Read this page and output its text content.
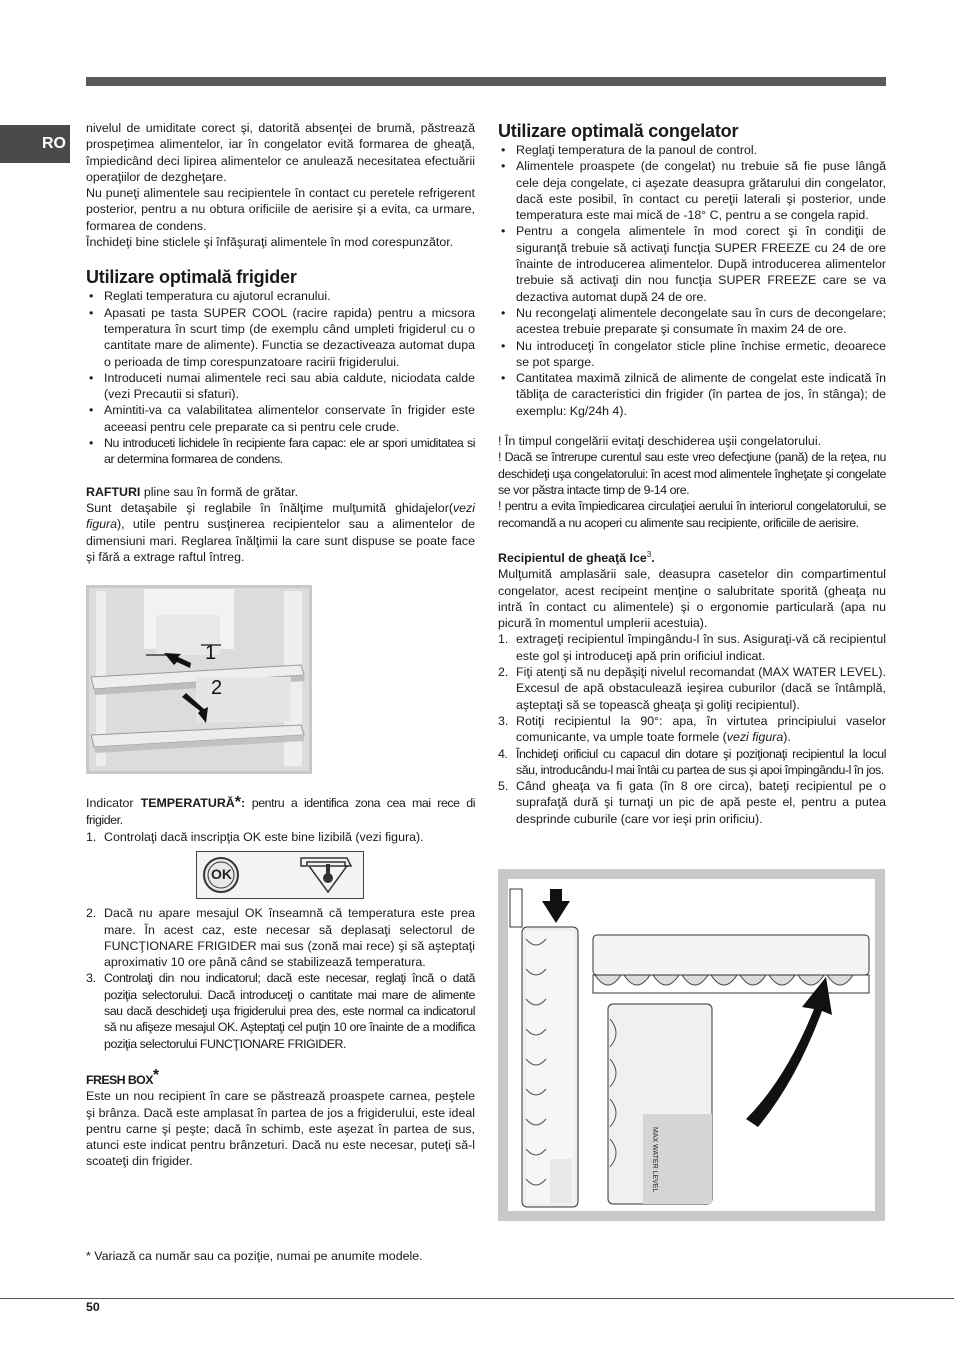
RO

nivelul de umiditate corect şi, datorită absenţei de brumă, păstrează prospeţimea alimentelor, iar în congelator evită formarea de gheaţă, împiedicând deci lipirea alimentelor ce anulează necesitatea efectuării operaţiilor de dezgheţare.

Nu puneţi alimentele sau recipientele în contact cu peretele refrigerent posterior, pentru a nu obtura orificiile de aerisire şi a evita, ca urmare, formarea de condens.

Închideţi bine sticlele şi înfăşuraţi alimentele în mod corespunzător.

Utilizare optimală frigider
• Reglati temperatura cu ajutorul ecranului.
• Apasati pe tasta SUPER COOL (racire rapida) pentru a micsora temperatura în scurt timp (de exemplu când umpleti frigiderul cu o cantitate mare de alimente). Functia se dezactiveaza automat dupa o perioada de timp corespunzatoare racirii frigiderului.
• Introduceti numai alimentele reci sau abia caldute, niciodata calde (vezi Precautii si sfaturi).
• Amintiti-va ca valabilitatea alimentelor conservate în frigider este aceeasi pentru cele preparate ca si pentru cele crude.
• Nu introduceti lichidele în recipiente fara capac: ele ar spori umiditatea si ar determina formarea de condens.

RAFTURI pline sau în formă de grătar.

Sunt detaşabile şi reglabile în înălţime mulţumită ghidajelor(vezi figura), utile pentru susţinerea recipientelor sau a alimentelor de dimensiuni mari. Reglarea înălţimii la care sunt dispuse se poate face şi fără a extrage raftul întreg.

1
2

Indicator TEMPERATURĂ*: pentru a identifica zona cea mai rece di frigider.

1. Controlaţi dacă inscripţia OK este bine lizibilă (vezi figura).
OK
2. Dacă nu apare mesajul OK înseamnă că temperatura este prea mare. În acest caz, este necesar să deplasaţi selectorul de FUNCŢIONARE FRIGIDER mai sus (zonă mai rece) şi să aşteptaţi aproximativ 10 ore până când se stabilizează temperatura.
3. Controlaţi din nou indicatorul; dacă este necesar, reglaţi încă o dată poziţia selectorului. Dacă introduceţi o cantitate mai mare de alimente sau dacă deschideţi uşa frigiderului prea des, este normal ca indicatorul să nu afişeze mesajul OK. Aşteptaţi cel puţin 10 ore înainte de a modifica poziţia selectorului FUNCŢIONARE FRIGIDER.

FRESH BOX*

Este un nou recipient în care se păstrează proaspete carnea, peştele şi brânza. Dacă este amplasat în partea de jos a frigiderului, este ideal pentru carne şi peşte; dacă în schimb, este aşezat în partea de sus, atunci este indicat pentru brânzeturi. Dacă nu este necesar, puteţi să-l scoateţi din frigider.

Utilizare optimală congelator
• Reglaţi temperatura de la panoul de control.
• Alimentele proaspete (de congelat) nu trebuie să fie puse lângă cele deja congelate, ci aşezate deasupra grătarului din congelator, dacă este posibil, în contact cu pereţii laterali şi posterior, unde temperatura este mai mică de -18° C, pentru a se congela rapid.
• Pentru a congela alimentele în mod corect şi în condiţii de siguranţă trebuie să activaţi funcţia SUPER FREEZE cu 24 de ore înainte de introducerea alimentelor. După introducerea alimentelor trebuie să activaţi din nou funcţia SUPER FREEZE care se va dezactiva automat după 24 de ore.
• Nu recongelaţi alimentele decongelate sau în curs de decongelare; acestea trebuie preparate şi consumate în maxim 24 de ore.
• Nu introduceţi în congelator sticle pline închise ermetic, deoarece se pot sparge.
• Cantitatea maximă zilnică de alimente de congelat este indicată în tăbliţa de caracteristici din frigider (în partea de jos, în stânga); de exemplu: Kg/24h 4).

! În timpul congelării evitaţi deschiderea uşii congelatorului.

! Dacă se întrerupe curentul sau este vreo defecţiune (pană) de la reţea, nu deschideţi uşa congelatorului: în acest mod alimentele îngheţate şi congelate se vor păstra intacte timp de 9-14 ore.

! pentru a evita împiedicarea circulaţiei aerului în interiorul congelatorului, se recomandă a nu acoperi cu alimente sau recipiente, orificiile de aerisire.

Recipientul de gheaţă Ice$^3$.

Mulţumită amplasării sale, deasupra casetelor din compartimentul congelator, acest recipeint menţine o salubritate sporită (gheaţa nu intră în contact cu alimentele) şi o ergonomie particulară (apa nu picură în momentul umplerii acestuia).

1. extrageţi recipientul împingându-l în sus. Asiguraţi-vă că recipientul este gol şi introduceţi apă prin orificiul indicat.
2. Fiţi atenţi să nu depăşiţi nivelul recomandat (MAX WATER LEVEL). Excesul de apă obstaculează ieşirea cuburilor (dacă se întâmplă, aşteptaţi să se topească gheaţa şi goliţi recipientul).
3. Rotiţi recipientul la 90°: apa, în virtutea principiului vaselor comunicante, va umple toate formele (vezi figura).
4. Închideţi orificiul cu capacul din dotare şi poziţionaţi recipientul la locul său, introducându-l mai întâi cu partea de sus şi apoi împingându-l în jos.
5. Când gheaţa va fi gata (în 8 ore circa), bateţi recipientul pe o suprafaţă dură şi turnaţi un pic de apă peste el, pentru a putea desprinde cuburile (care vor ieşi prin orificiu).
MAX WATER LEVEL
* Variază ca număr sau ca poziţie, numai pe anumite modele.
50
